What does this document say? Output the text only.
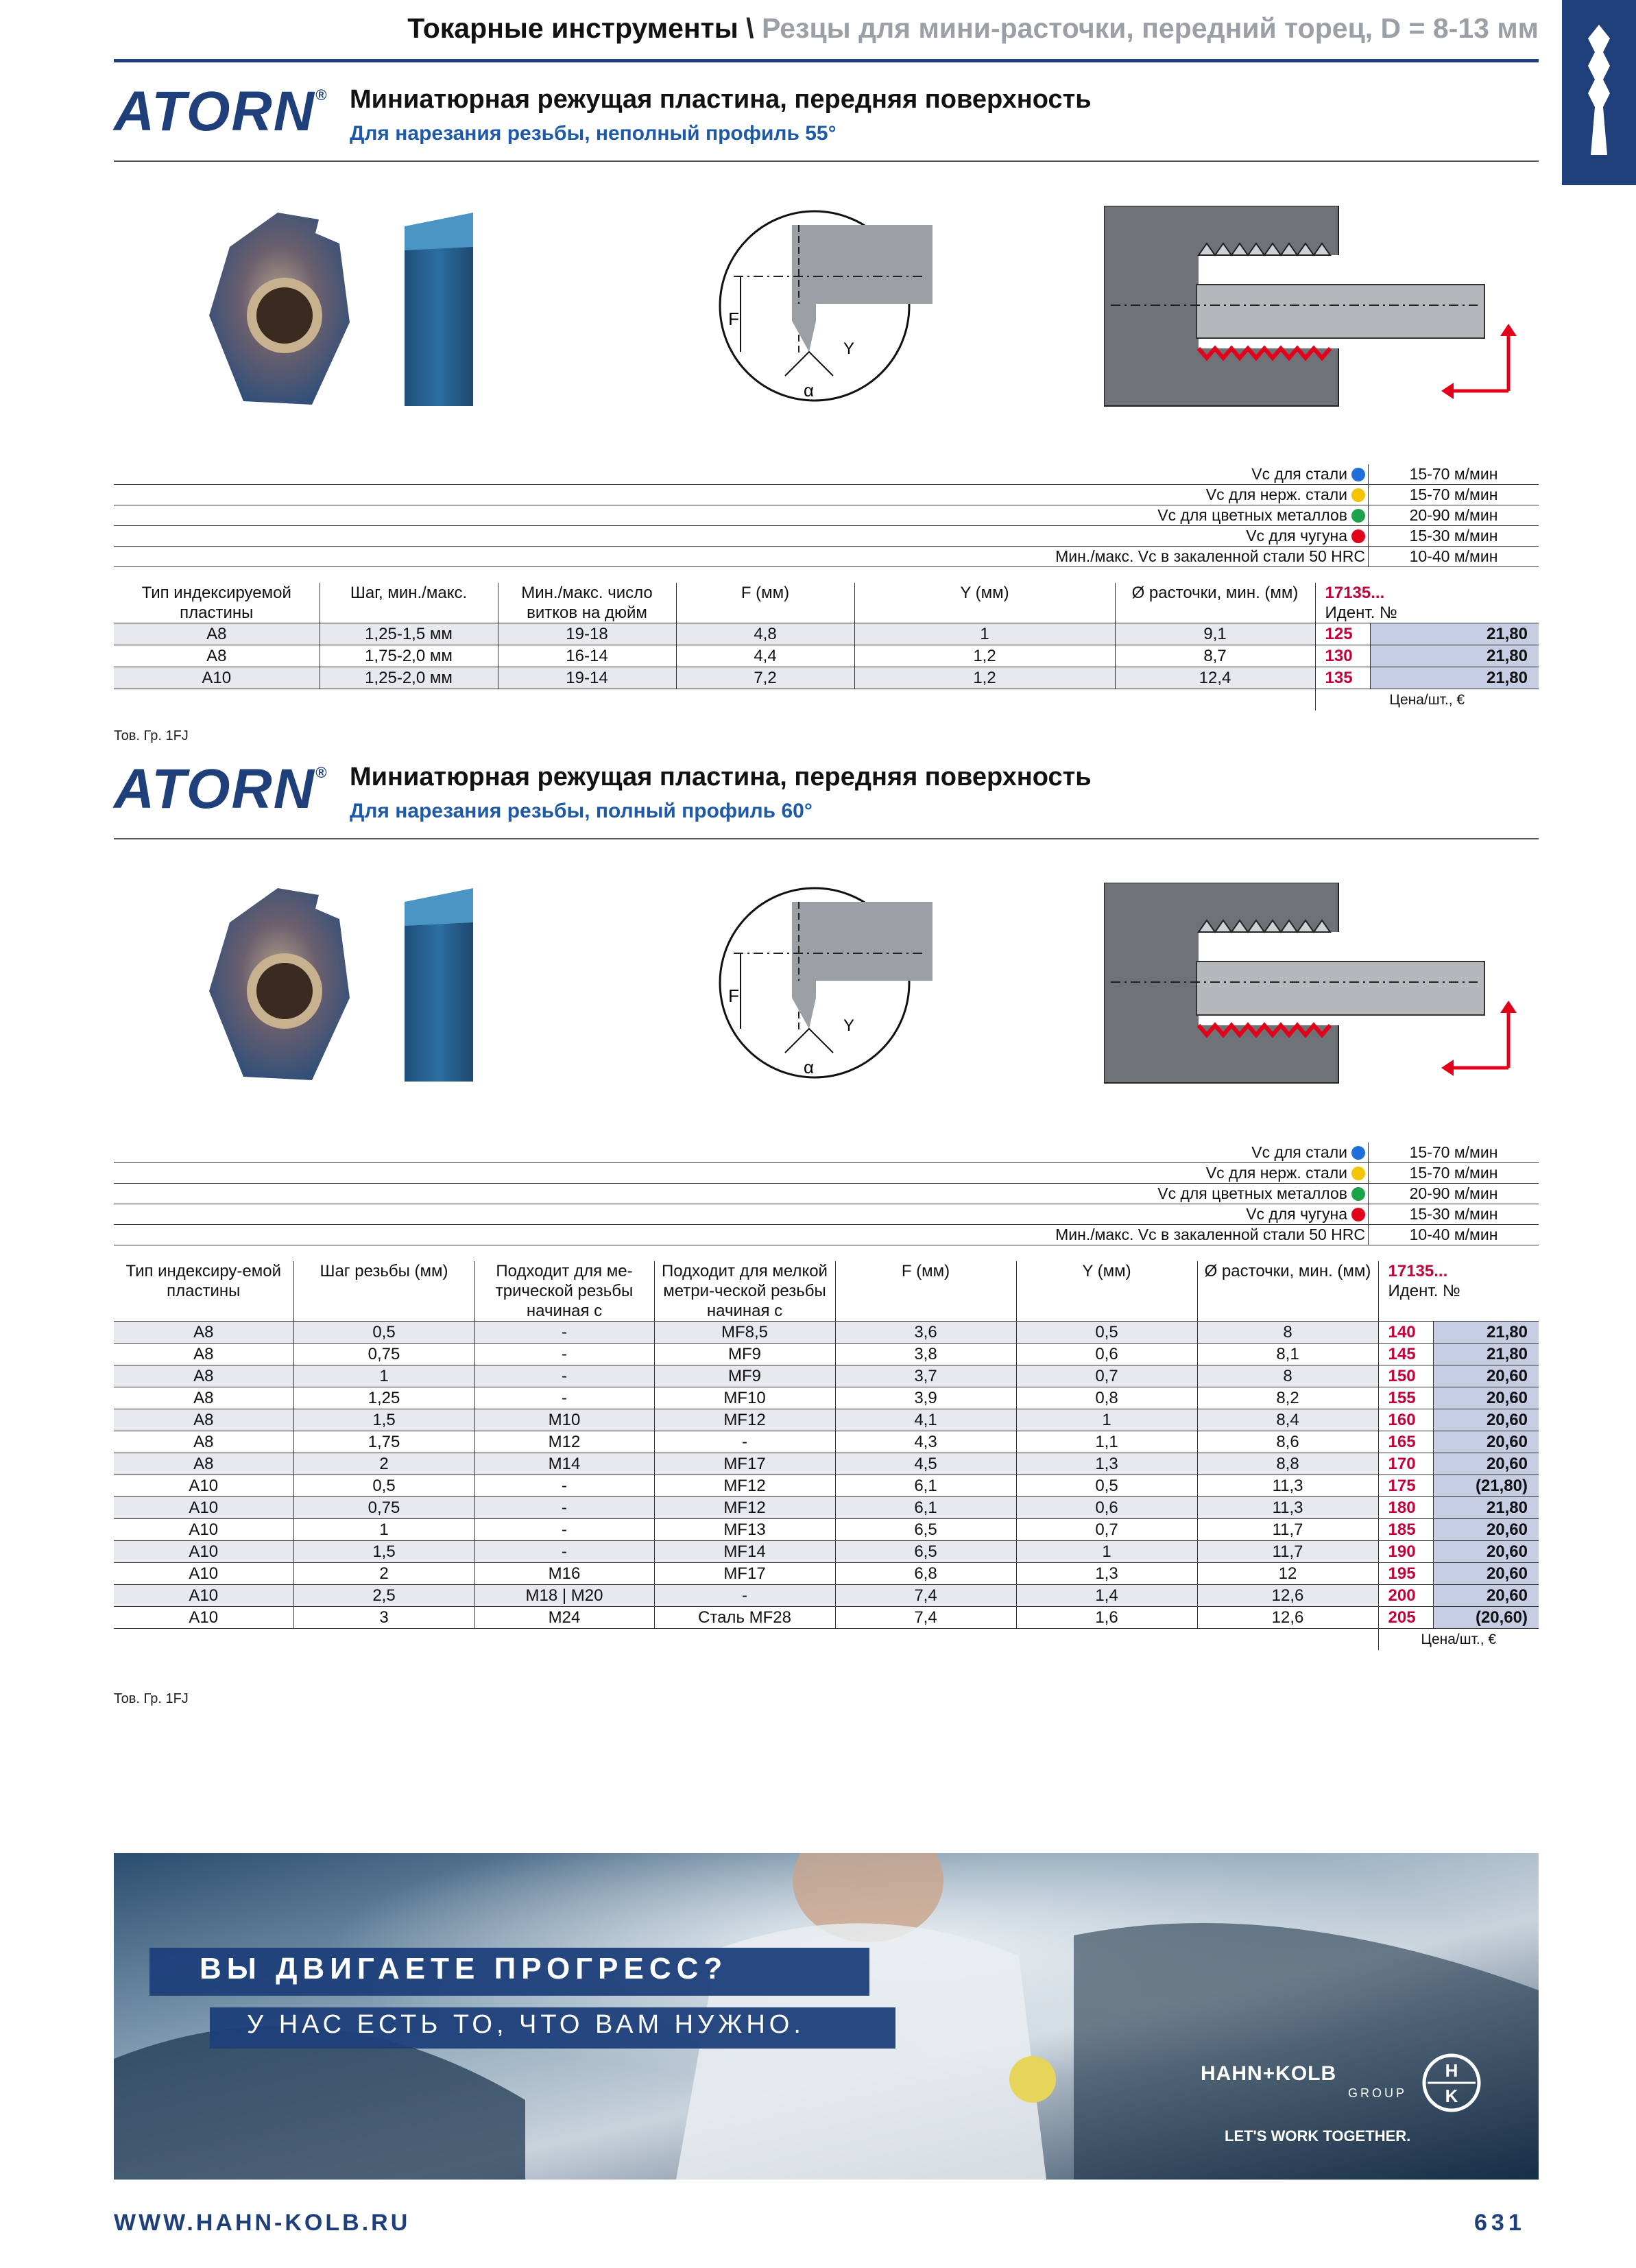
Токарные инструменты \ Резцы для мини-расточки, передний торец, D = 8-13 мм
ATORN® Миниатюрная режущая пластина, передняя поверхность
Для нарезания резьбы, неполный профиль 55°
F
Y
α
Vc для стали	15-70 м/мин
Vc для нерж. стали	15-70 м/мин
Vc для цветных металлов	20-90 м/мин
Vc для чугуна	15-30 м/мин
Мин./макс. Vc в закаленной стали 50 HRC	10-40 м/мин
Тип индексируемой пластины	Шаг, мин./макс.	Мин./макс. число витков на дюйм	F (мм)	Y (мм)	Ø расточки, мин. (мм)	17135...
Идент. №	
A8	1,25-1,5 мм	19-18	4,8	1	9,1	125	21,80
A8	1,75-2,0 мм	16-14	4,4	1,2	8,7	130	21,80
A10	1,25-2,0 мм	19-14	7,2	1,2	12,4	135	21,80
						Цена/шт., €	
Тов. Гр. 1FJ
ATORN® Миниатюрная режущая пластина, передняя поверхность
Для нарезания резьбы, полный профиль 60°
F
Y
α
Vc для стали	15-70 м/мин
Vc для нерж. стали	15-70 м/мин
Vc для цветных металлов	20-90 м/мин
Vc для чугуна	15-30 м/мин
Мин./макс. Vc в закаленной стали 50 HRC	10-40 м/мин
Тип индексиру-емой пластины	Шаг резьбы (мм)	Подходит для ме-трической резьбы начиная с	Подходит для мелкой метри-ческой резьбы начиная с	F (мм)	Y (мм)	Ø расточки, мин. (мм)	17135...
Идент. №	
A8	0,5	-	MF8,5	3,6	0,5	8	140	21,80
A8	0,75	-	MF9	3,8	0,6	8,1	145	21,80
A8	1	-	MF9	3,7	0,7	8	150	20,60
A8	1,25	-	MF10	3,9	0,8	8,2	155	20,60
A8	1,5	M10	MF12	4,1	1	8,4	160	20,60
A8	1,75	M12	-	4,3	1,1	8,6	165	20,60
A8	2	M14	MF17	4,5	1,3	8,8	170	20,60
A10	0,5	-	MF12	6,1	0,5	11,3	175	(21,80)
A10	0,75	-	MF12	6,1	0,6	11,3	180	21,80
A10	1	-	MF13	6,5	0,7	11,7	185	20,60
A10	1,5	-	MF14	6,5	1	11,7	190	20,60
A10	2	M16	MF17	6,8	1,3	12	195	20,60
A10	2,5	M18 | M20	-	7,4	1,4	12,6	200	20,60
A10	3	M24	Сталь MF28	7,4	1,6	12,6	205	(20,60)
							Цена/шт., €	
Тов. Гр. 1FJ
ВЫ ДВИГАЕТЕ ПРОГРЕСС?
У НАС ЕСТЬ ТО, ЧТО ВАМ НУЖНО.
HAHN+KOLB
GROUP
H
K
LET'S WORK TOGETHER.
WWW.HAHN-KOLB.RU	631
